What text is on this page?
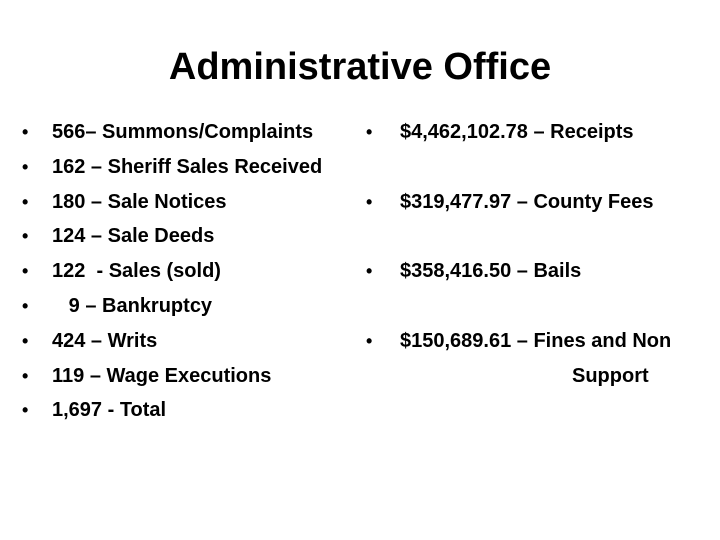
Administrative Office

•

	566– Summons/Complaints

•

	162 – Sheriff Sales Received

•

	180 – Sale Notices

•

	124 – Sale Deeds

•

	122  - Sales (sold)

•

	9 – Bankruptcy

•

	424 – Writs

•

	119 – Wage Executions

•

	1,697 - Total

•	$4,462,102.78 – Receipts
•	$319,477.97 – County Fees
•	$358,416.50 – Bails
•	$150,689.61 – Fines and Non
Support
